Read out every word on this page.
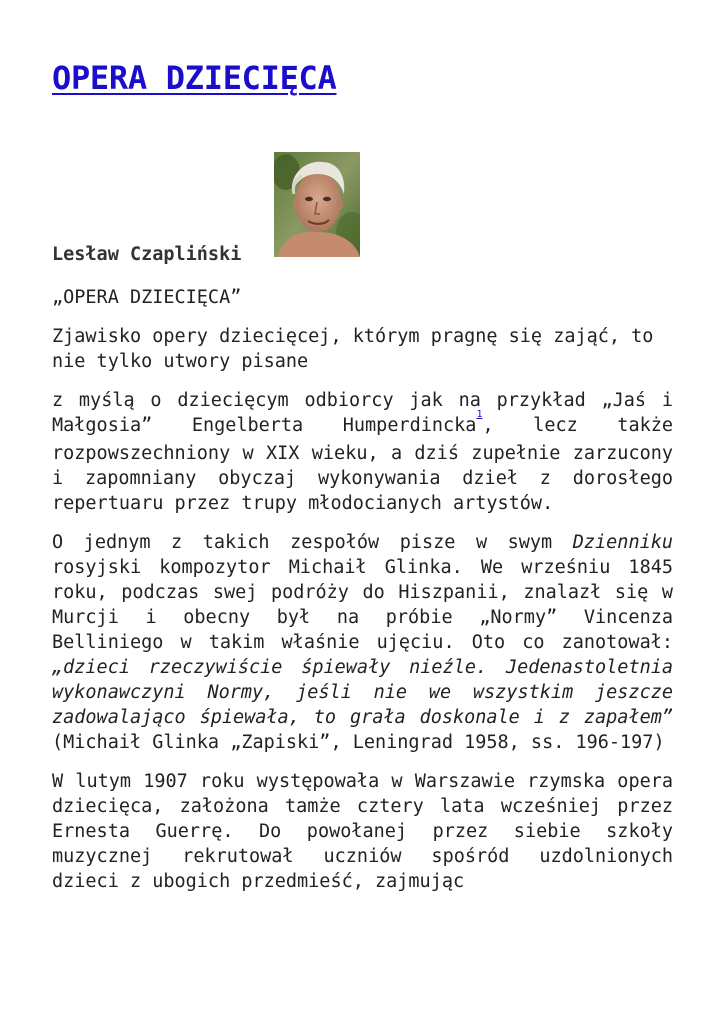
OPERA DZIECIĘCA
Lesław Czapliński

„OPERA DZIECIĘCA”

Zjawisko opery dziecięcej, którym pragnę się zająć, to nie tylko utwory pisane

z myślą o dziecięcym odbiorcy jak na przykład „Jaś i Małgosia” Engelberta Humperdincka$^1$, lecz także rozpowszechniony w XIX wieku, a dziś zupełnie zarzucony i zapomniany obyczaj wykonywania dzieł z dorosłego repertuaru przez trupy młodocianych artystów.

O jednym z takich zespołów pisze w swym Dzienniku rosyjski kompozytor Michaił Glinka. We wrześniu 1845 roku, podczas swej podróży do Hiszpanii, znalazł się w Murcji i obecny był na próbie „Normy” Vincenza Belliniego w takim właśnie ujęciu. Oto co zanotował: „dzieci rzeczywiście śpiewały nieźle. Jedenastoletnia wykonawczyni Normy, jeśli nie we wszystkim jeszcze zadowalająco śpiewała, to grała doskonale i z zapałem” (Michaił Glinka „Zapiski”, Leningrad 1958, ss. 196-197)

W lutym 1907 roku występowała w Warszawie rzymska opera dziecięca, założona tamże cztery lata wcześniej przez Ernesta Guerrę. Do powołanej przez siebie szkoły muzycznej rekrutował uczniów spośród uzdolnionych dzieci z ubogich przedmieść, zajmując
